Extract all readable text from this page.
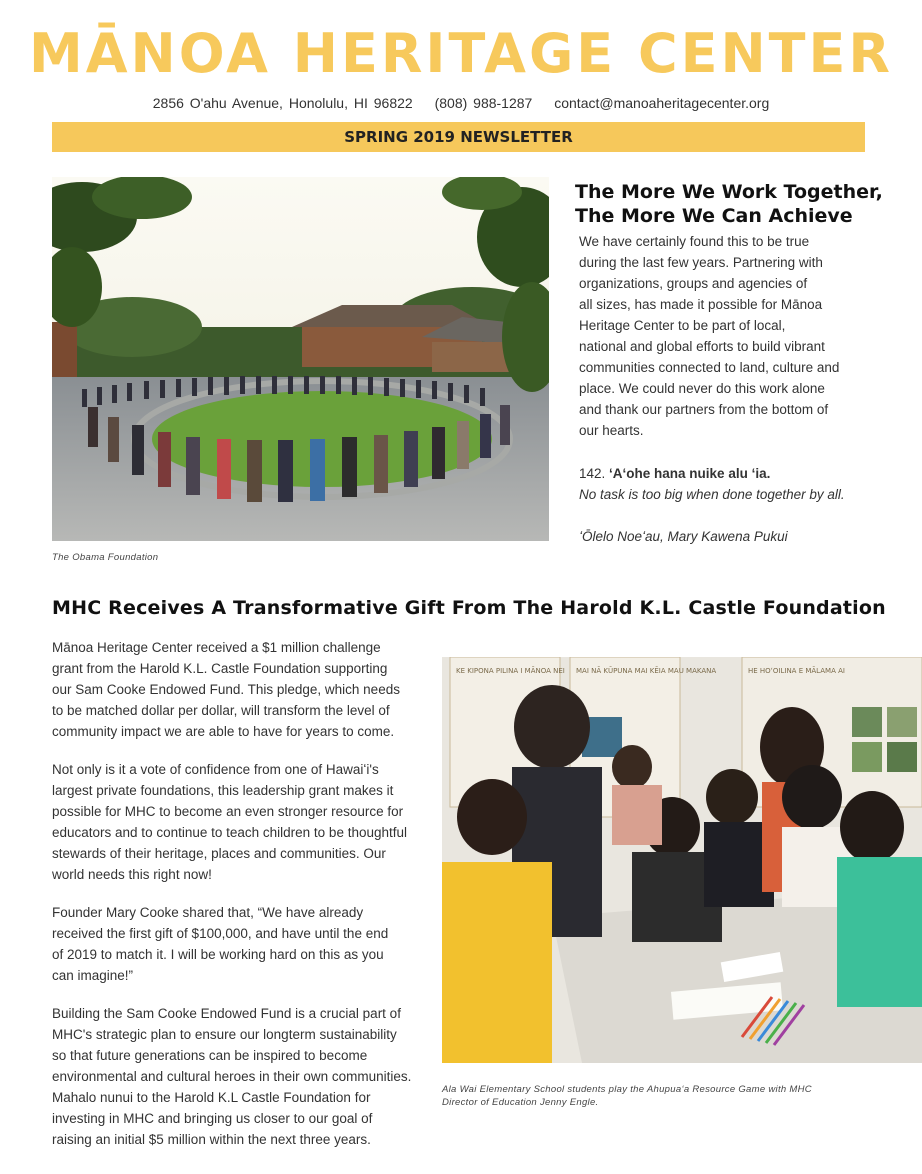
MĀNOA HERITAGE CENTER
2856 O'ahu Avenue, Honolulu, HI 96822 (808) 988-1287 contact@manoaheritagecenter.org
SPRING 2019 NEWSLETTER
The Obama Foundation
The More We Work Together,
The More We Can Achieve
We have certainly found this to be true
during the last few years. Partnering with
organizations, groups and agencies of
all sizes, has made it possible for Mānoa
Heritage Center to be part of local,
national and global efforts to build vibrant
communities connected to land, culture and
place. We could never do this work alone
and thank our partners from the bottom of
our hearts.
142. ʻAʻohe hana nuike alu ʻia.
No task is too big when done together by all.
ʻŌlelo Noeʻau, Mary Kawena Pukui
MHC Receives A Transformative Gift From The Harold K.L. Castle Foundation
Mānoa Heritage Center received a $1 million challenge
grant from the Harold K.L. Castle Foundation supporting
our Sam Cooke Endowed Fund. This pledge, which needs
to be matched dollar per dollar, will transform the level of
community impact we are able to have for years to come.
Not only is it a vote of confidence from one of Hawaiʻi's
largest private foundations, this leadership grant makes it
possible for MHC to become an even stronger resource for
educators and to continue to teach children to be thoughtful
stewards of their heritage, places and communities. Our
world needs this right now!
Founder Mary Cooke shared that, “We have already
received the first gift of $100,000, and have until the end
of 2019 to match it. I will be working hard on this as you
can imagine!”
Building the Sam Cooke Endowed Fund is a crucial part of
MHC's strategic plan to ensure our longterm sustainability
so that future generations can be inspired to become
environmental and cultural heroes in their own communities.
Mahalo nunui to the Harold K.L Castle Foundation for
investing in MHC and bringing us closer to our goal of
raising an initial $5 million within the next three years.
KE KIPONA PILINA I MĀNOA NEI MAI NĀ KŪPUNA MAI KĒIA MAU MAKANA	HE HOʻOILINA E MĀLAMA AI
Ala Wai Elementary School students play the Ahupuaʻa Resource Game with MHC
Director of Education Jenny Engle.
